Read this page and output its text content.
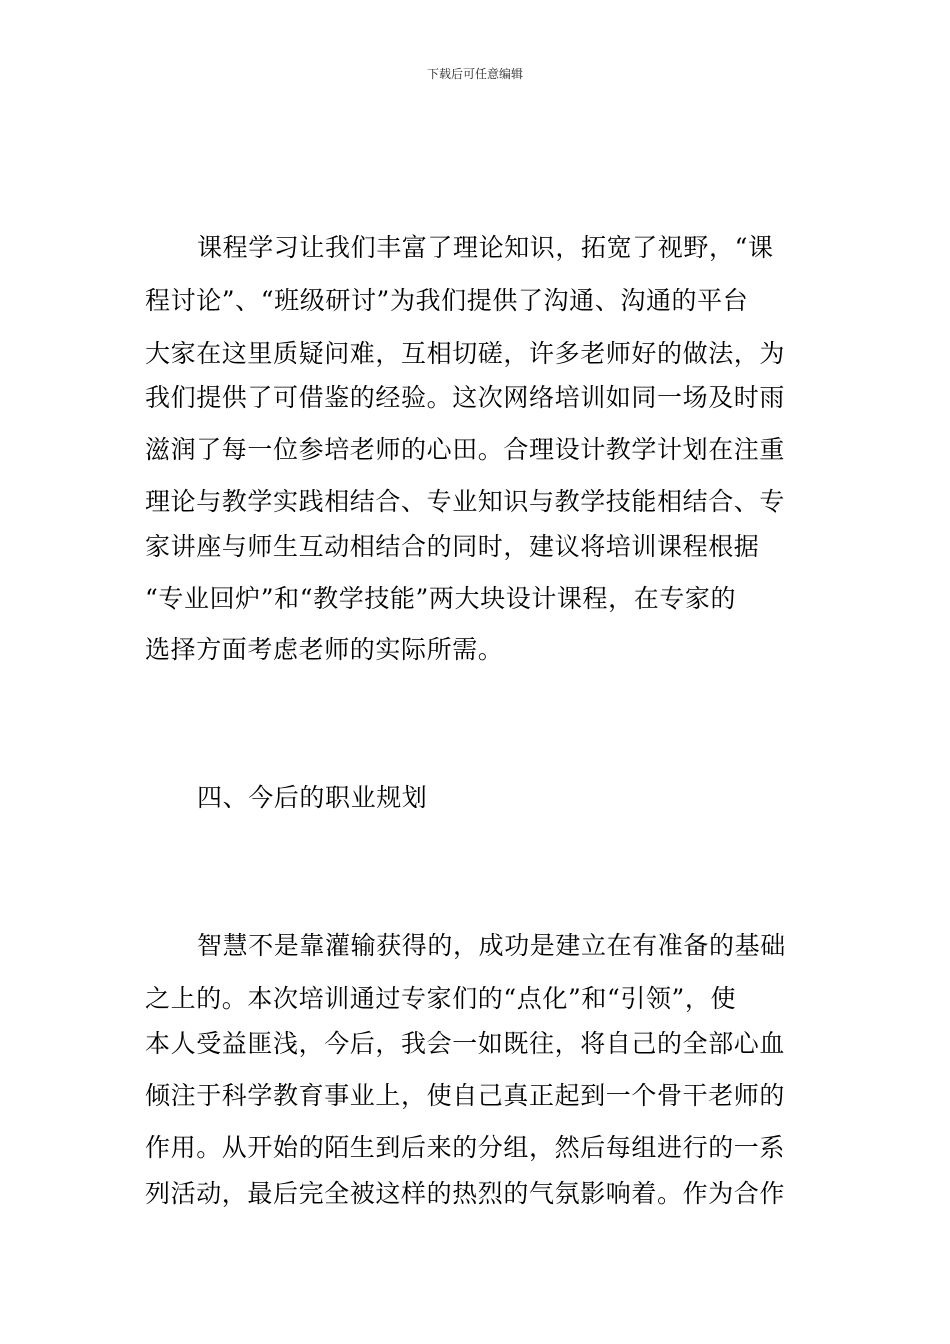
下载后可任意编辑
课程学习让我们丰富了理论知识，拓宽了视野，“课
程讨论”、“班级研讨”为我们提供了沟通、沟通的平台
大家在这里质疑问难，互相切磋，许多老师好的做法，为
我们提供了可借鉴的经验。这次网络培训如同一场及时雨
滋润了每一位参培老师的心田。合理设计教学计划在注重
理论与教学实践相结合、专业知识与教学技能相结合、专
家讲座与师生互动相结合的同时，建议将培训课程根据
“专业回炉”和“教学技能”两大块设计课程，在专家的
选择方面考虑老师的实际所需。
四、今后的职业规划
智慧不是靠灌输获得的，成功是建立在有准备的基础
之上的。本次培训通过专家们的“点化”和“引领”，使
本人受益匪浅，今后，我会一如既往，将自己的全部心血
倾注于科学教育事业上，使自己真正起到一个骨干老师的
作用。从开始的陌生到后来的分组，然后每组进行的一系
列活动，最后完全被这样的热烈的气氛影响着。作为合作
